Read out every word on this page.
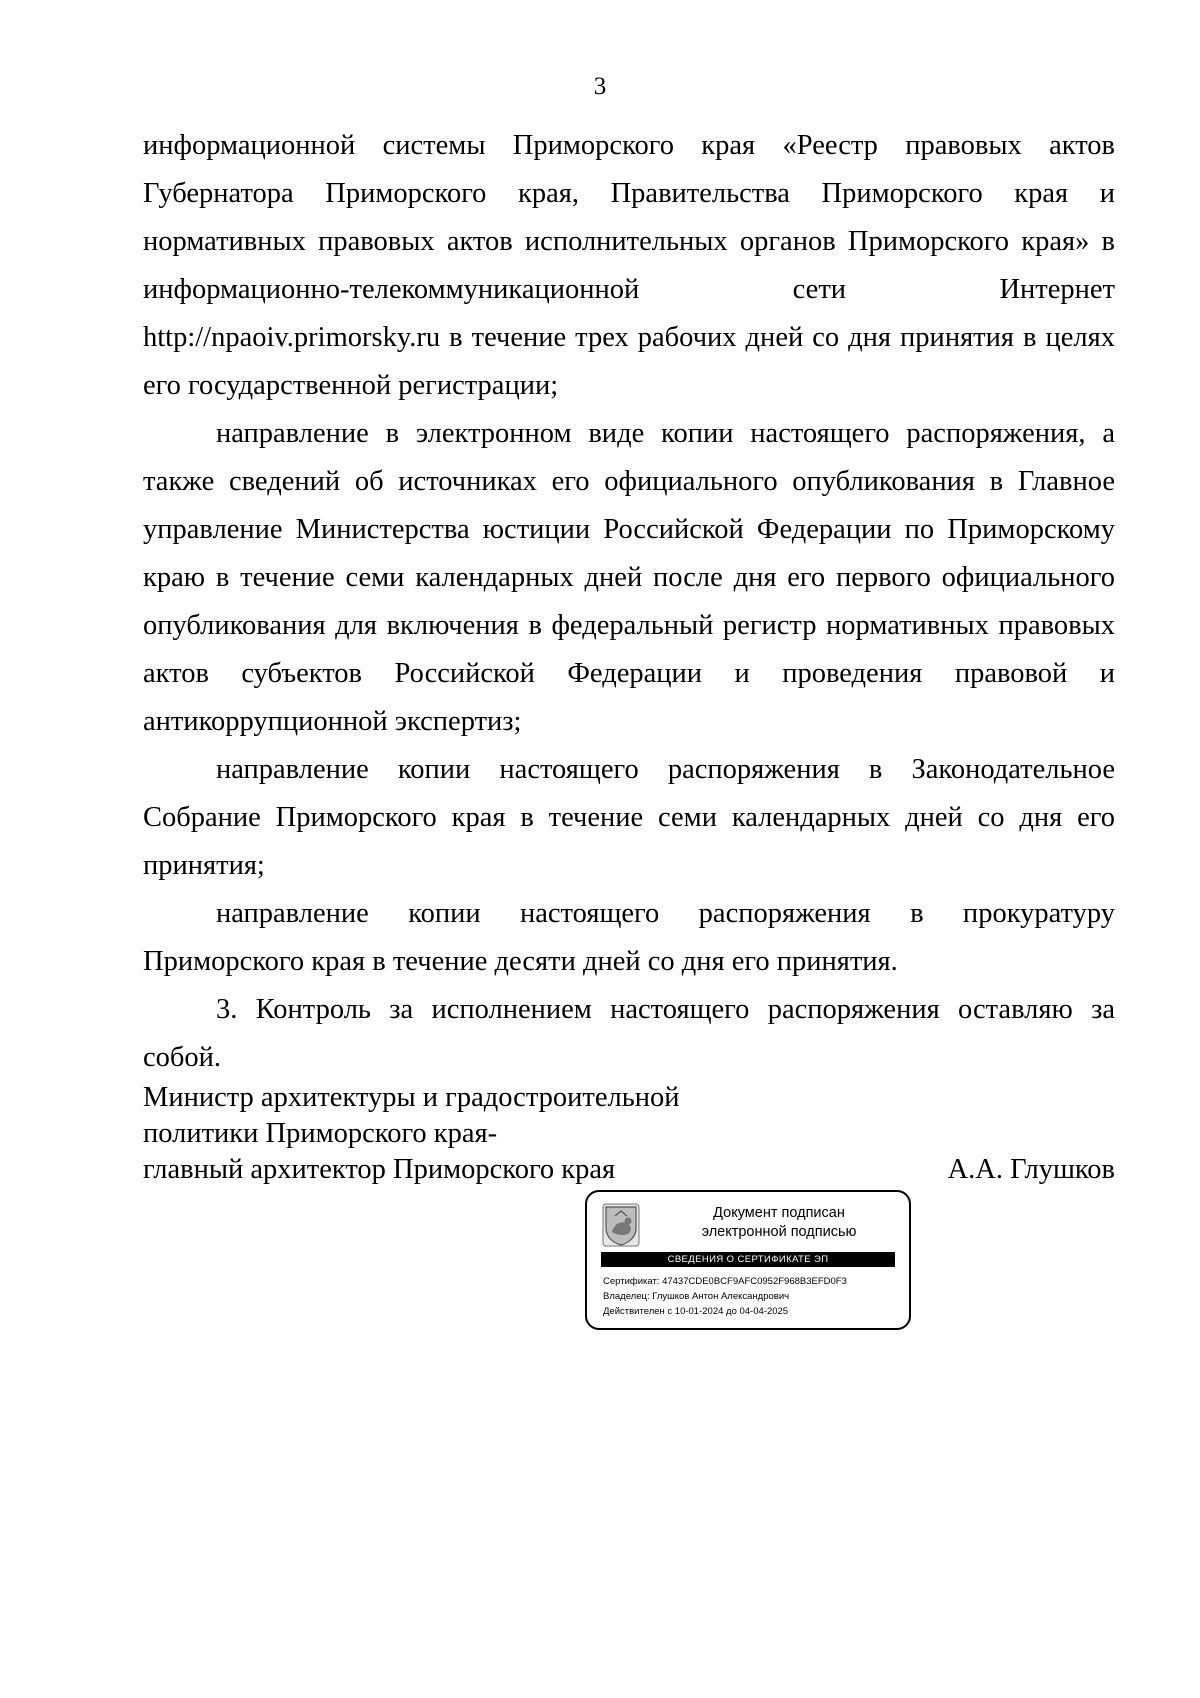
3

информационной системы Приморского края «Реестр правовых актов
Губернатора Приморского края, Правительства Приморского края и
нормативных правовых актов исполнительных органов Приморского края» в
информационно-телекоммуникационной сети Интернет
http://npaoiv.primorsky.ru в течение трех рабочих дней со дня принятия в целях
его государственной регистрации;

направление в электронном виде копии настоящего распоряжения, а также сведений об источниках его официального опубликования в Главное управление Министерства юстиции Российской Федерации по Приморскому краю в течение семи календарных дней после дня его первого официального опубликования для включения в федеральный регистр нормативных правовых актов субъектов Российской Федерации и проведения правовой и антикоррупционной экспертиз;

направление копии настоящего распоряжения в Законодательное Собрание Приморского края в течение семи календарных дней со дня его принятия;

направление копии настоящего распоряжения в прокуратуру Приморского края в течение десяти дней со дня его принятия.

3. Контроль за исполнением настоящего распоряжения оставляю за собой.

Министр архитектуры и градостроительной
политики Приморского края-
главный архитектор Приморского края	А.А. Глушков
Документ подписан
электронной подписью
СВЕДЕНИЯ О СЕРТИФИКАТЕ ЭП
Сертификат: 47437CDE0BCF9AFC0952F968B3EFD0F3
Владелец: Глушков Антон Александрович
Действителен с 10-01-2024 до 04-04-2025
